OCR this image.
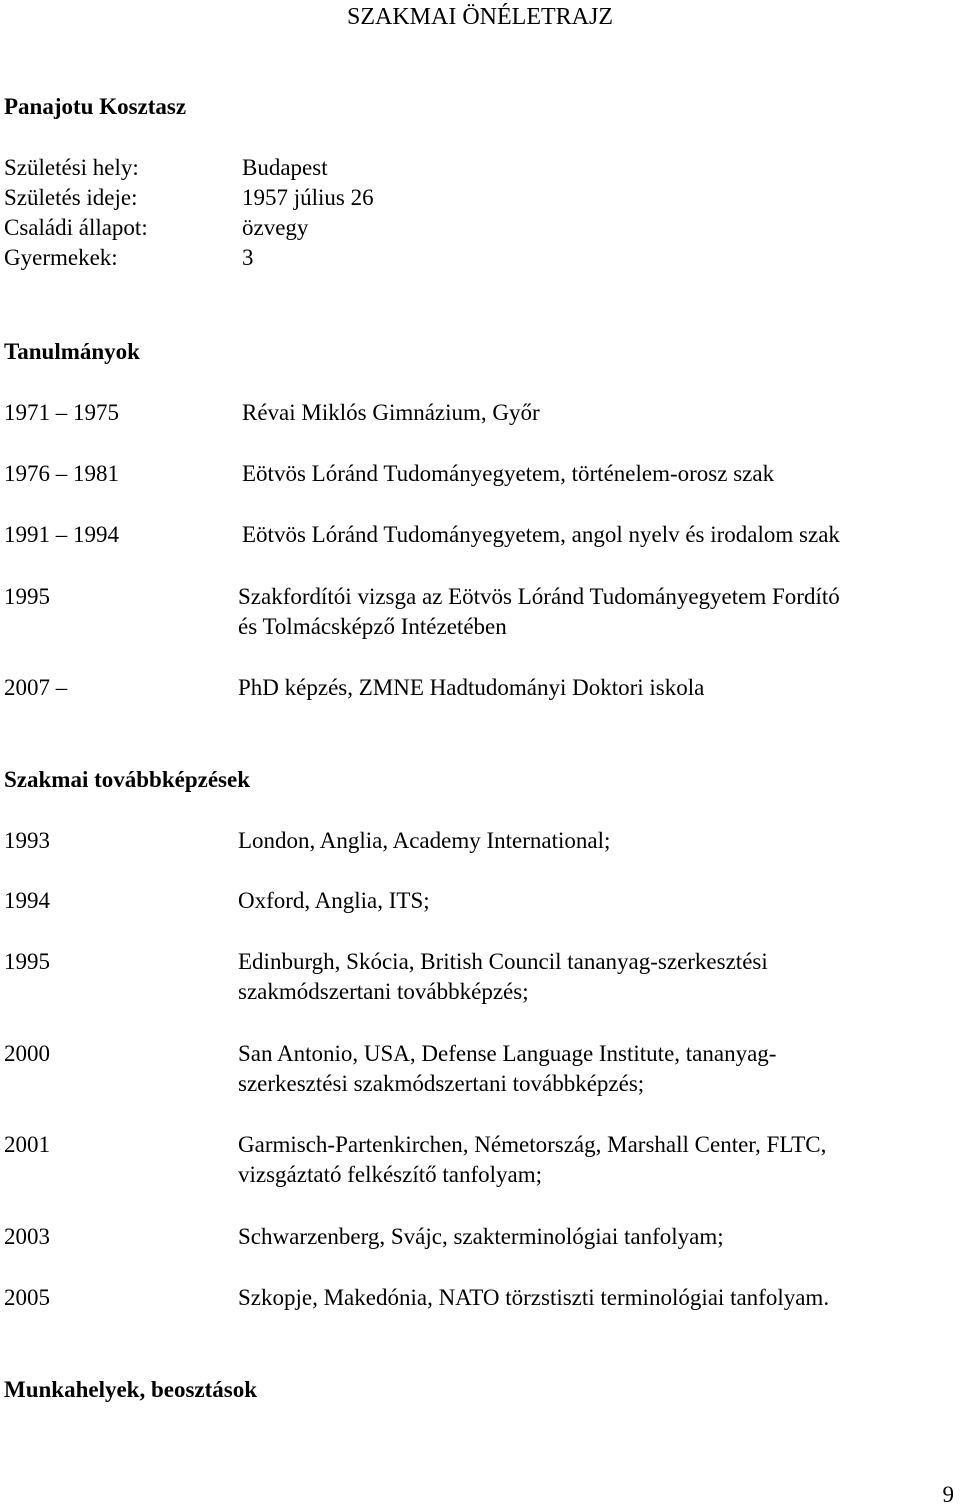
SZAKMAI ÖNÉLETRAJZ
Panajotu Kosztasz
Születési hely:	Budapest
Születés ideje:	1957 július 26
Családi állapot:	özvegy
Gyermekek:	3
Tanulmányok
1971 – 1975	Révai Miklós Gimnázium, Győr
1976 – 1981	Eötvös Lóránd Tudományegyetem, történelem-orosz szak
1991 – 1994	Eötvös Lóránd Tudományegyetem, angol nyelv és irodalom szak
1995	Szakfordítói vizsga az Eötvös Lóránd Tudományegyetem Fordító
és Tolmácsképző Intézetében
2007 –	PhD képzés, ZMNE Hadtudományi Doktori iskola
Szakmai továbbképzések
1993	London, Anglia, Academy International;
1994	Oxford, Anglia, ITS;
1995	Edinburgh, Skócia, British Council tananyag-szerkesztési
szakmódszertani továbbképzés;
2000	San Antonio, USA, Defense Language Institute, tananyag-
szerkesztési szakmódszertani továbbképzés;
2001	Garmisch-Partenkirchen, Németország, Marshall Center, FLTC,
vizsgáztató felkészítő tanfolyam;
2003	Schwarzenberg, Svájc, szakterminológiai tanfolyam;
2005	Szkopje, Makedónia, NATO törzstiszti terminológiai tanfolyam.
Munkahelyek, beosztások
9
